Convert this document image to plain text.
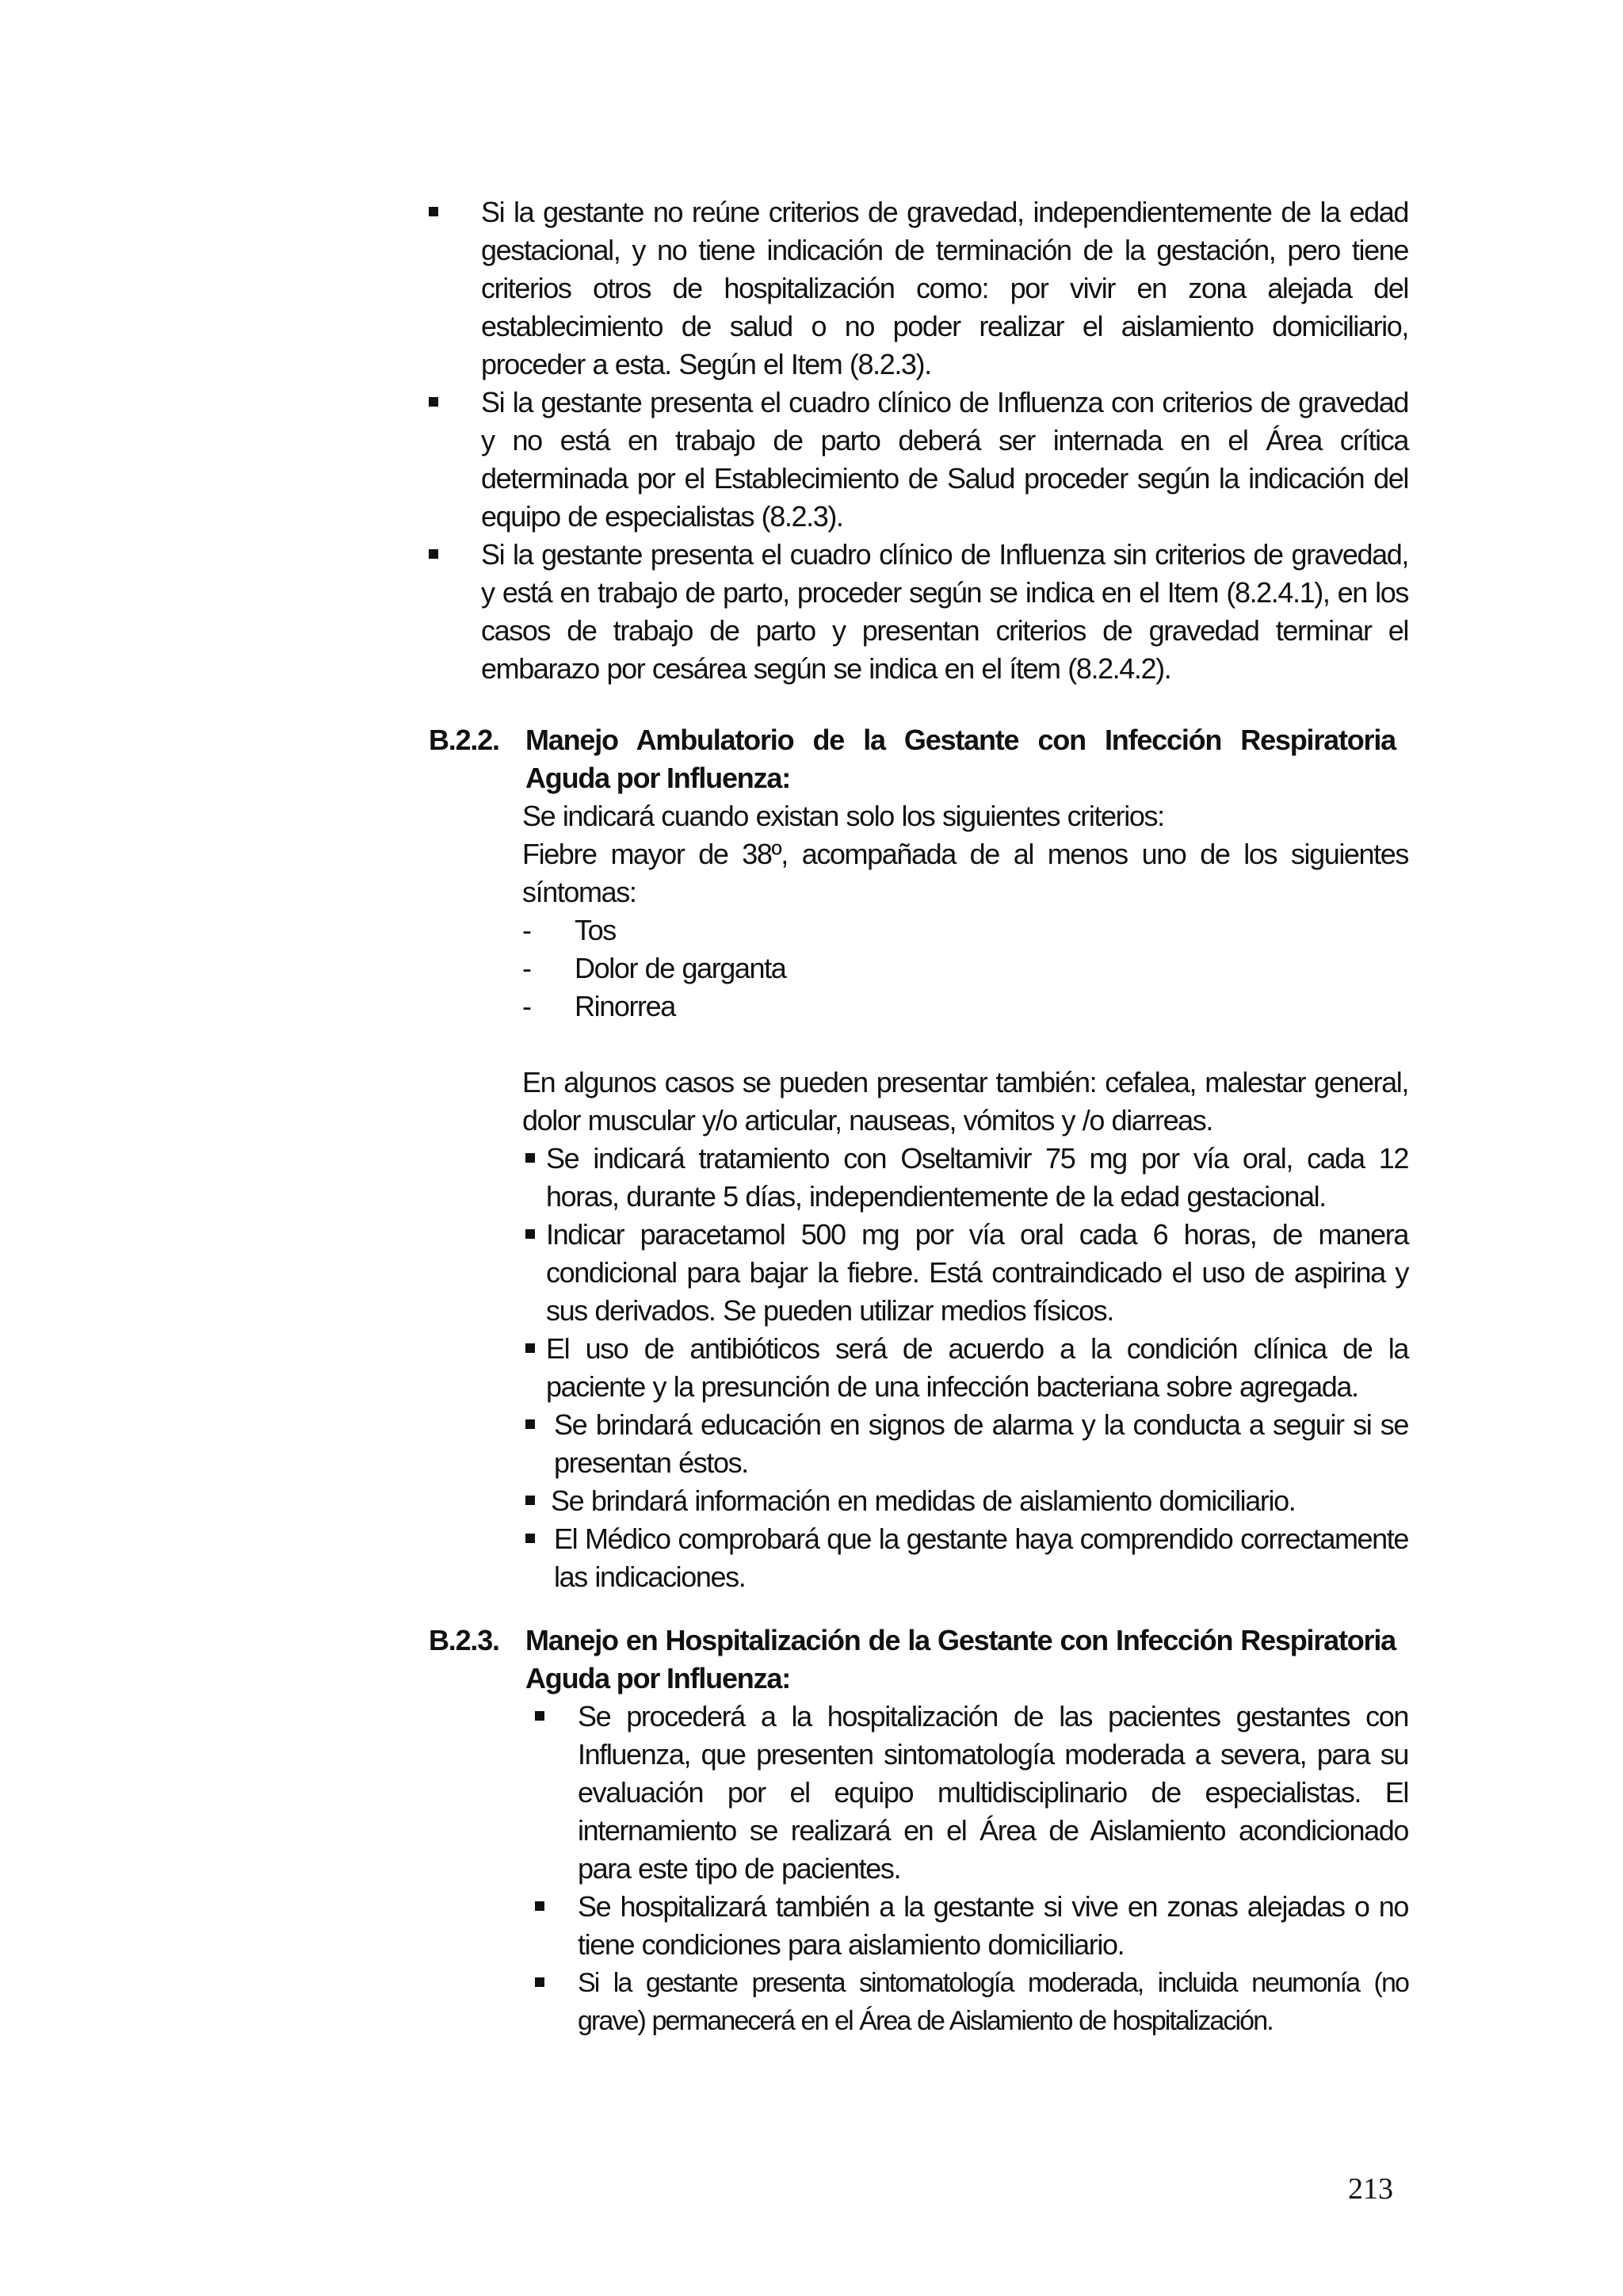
Si la gestante no reúne criterios de gravedad, independientemente de la edad gestacional, y no tiene indicación de terminación de la gestación, pero tiene criterios otros de hospitalización como: por vivir en zona alejada del establecimiento de salud o no poder realizar el aislamiento domiciliario, proceder a esta. Según el Item (8.2.3).

Si la gestante presenta el cuadro clínico de Influenza con criterios de gravedad y no está en trabajo de parto deberá ser internada en el Área crítica determinada por el Establecimiento de Salud proceder según la indicación del equipo de especialistas (8.2.3).

Si la gestante presenta el cuadro clínico de Influenza sin criterios de gravedad, y está en trabajo de parto, proceder según se indica en el Item (8.2.4.1), en los casos de trabajo de parto y presentan criterios de gravedad terminar el embarazo por cesárea según se indica en el ítem (8.2.4.2).

B.2.2. Manejo Ambulatorio de la Gestante con Infección Respiratoria Aguda por Influenza:

Se indicará cuando existan solo los siguientes criterios:

Fiebre mayor de 38º, acompañada de al menos uno de los siguientes síntomas:

-	Tos
-	Dolor de garganta
-	Rinorrea

En algunos casos se pueden presentar también: cefalea, malestar general, dolor muscular y/o articular, nauseas, vómitos y /o diarreas.

Se indicará tratamiento con Oseltamivir 75 mg por vía oral, cada 12 horas, durante 5 días, independientemente de la edad gestacional.

Indicar paracetamol 500 mg por vía oral cada 6 horas, de manera condicional para bajar la fiebre. Está contraindicado el uso de aspirina y sus derivados. Se pueden utilizar medios físicos.

El uso de antibióticos será de acuerdo a la condición clínica de la paciente y la presunción de una infección bacteriana sobre agregada.

Se brindará educación en signos de alarma y la conducta a seguir si se presentan éstos.

Se brindará información en medidas de aislamiento domiciliario.

El Médico comprobará que la gestante haya comprendido correctamente las indicaciones.

B.2.3. Manejo en Hospitalización de la Gestante con Infección Respiratoria Aguda por Influenza:

Se procederá a la hospitalización de las pacientes gestantes con Influenza, que presenten sintomatología moderada a severa, para su evaluación por el equipo multidisciplinario de especialistas. El internamiento se realizará en el Área de Aislamiento acondicionado para este tipo de pacientes.

Se hospitalizará también a la gestante si vive en zonas alejadas o no tiene condiciones para aislamiento domiciliario.

Si la gestante presenta sintomatología moderada, incluida neumonía (no grave) permanecerá en el Área de Aislamiento de hospitalización.

213
